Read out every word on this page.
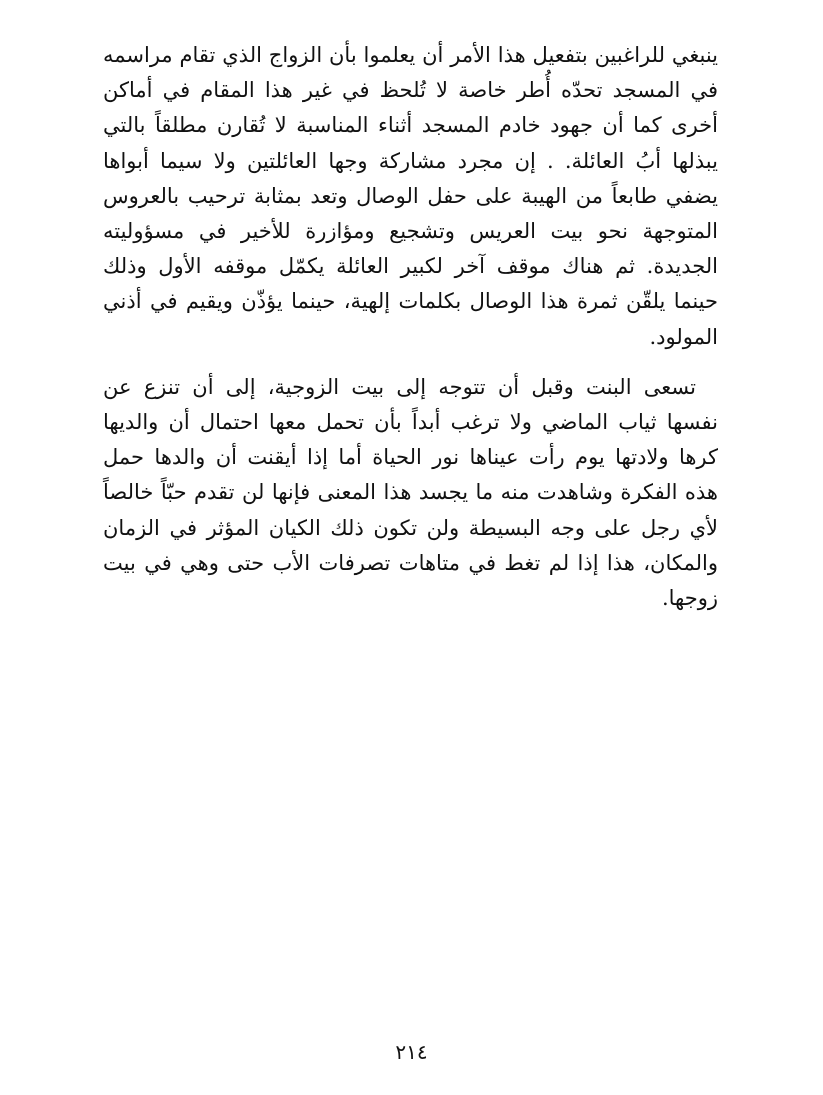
ينبغي للراغبين بتفعيل هذا الأمر أن يعلموا بأن الزواج الذي تقام مراسمه
في المسجد تحدّه أُطر خاصة لا تُلحظ في غير هذا المقام في أماكن
أخرى كما أن جهود خادم المسجد أثناء المناسبة لا تُقارن مطلقاً بالتي
يبذلها أبُ العائلة. . إن مجرد مشاركة وجها العائلتين ولا سيما أبواها
يضفي طابعاً من الهيبة على حفل الوصال وتعد بمثابة ترحيب بالعروس
المتوجهة نحو بيت العريس وتشجيع ومؤازرة للأخير في مسؤوليته
الجديدة. ثم هناك موقف آخر لكبير العائلة يكمّل موقفه الأول وذلك
حينما يلقّن ثمرة هذا الوصال بكلمات إلهية، حينما يؤذّن ويقيم في أذني
المولود.
تسعى البنت وقبل أن تتوجه إلى بيت الزوجية، إلى أن تنزع عن
نفسها ثياب الماضي ولا ترغب أبداً بأن تحمل معها احتمال أن والديها
كرها ولادتها يوم رأت عيناها نور الحياة أما إذا أيقنت أن والدها حمل
هذه الفكرة وشاهدت منه ما يجسد هذا المعنى فإنها لن تقدم حبّاً خالصاً
لأي رجل على وجه البسيطة ولن تكون ذلك الكيان المؤثر في الزمان
والمكان، هذا إذا لم تغط في متاهات تصرفات الأب حتى وهي في بيت
زوجها.
٢١٤
